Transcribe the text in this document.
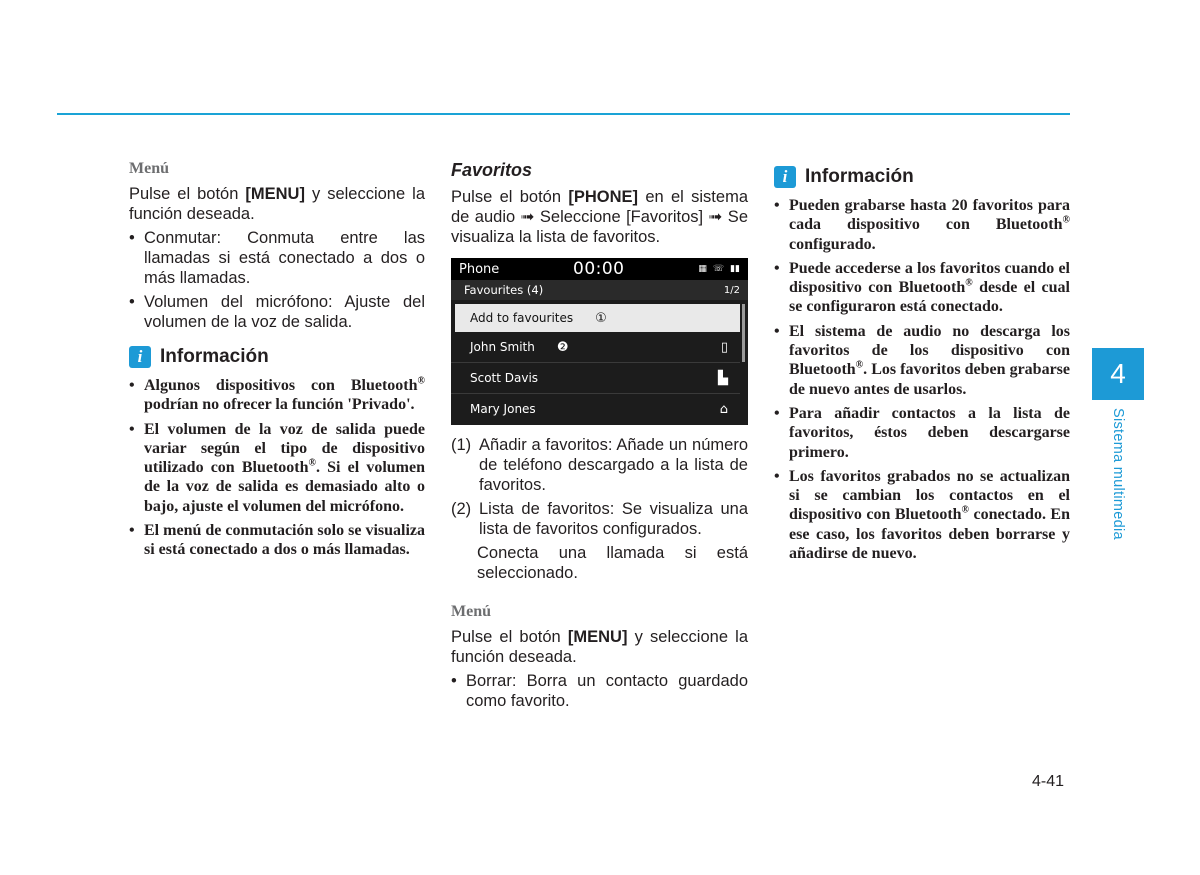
Menú

Pulse el botón [MENU] y seleccione la función deseada.

• Conmutar: Conmuta entre las llamadas si está conectado a dos o más llamadas.
• Volumen del micrófono: Ajuste del volumen de la voz de salida.
i Información
• Algunos dispositivos con Bluetooth® podrían no ofrecer la función 'Privado'.
• El volumen de la voz de salida puede variar según el tipo de dispositivo utilizado con Bluetooth®. Si el volumen de la voz de salida es demasiado alto o bajo, ajuste el volumen del micrófono.
• El menú de conmutación solo se visualiza si está conectado a dos o más llamadas.

Favoritos

Pulse el botón [PHONE] en el sistema de audio ➟ Seleccione [Favoritos] ➟ Se visualiza la lista de favoritos.

Phone	00:00	▦ ☏ ▮▮
Favourites (4)	1/2
Add to favourites ①
John Smith ❷	▯
Scott Davis	▙
Mary Jones	⌂
(1) Añadir a favoritos: Añade un número de teléfono descargado a la lista de favoritos.
(2) Lista de favoritos: Se visualiza una lista de favoritos configurados.

Conecta una llamada si está seleccionado.

Menú

Pulse el botón [MENU] y seleccione la función deseada.

• Borrar: Borra un contacto guardado como favorito.
i Información
• Pueden grabarse hasta 20 favoritos para cada dispositivo con Bluetooth® configurado.
• Puede accederse a los favoritos cuando el dispositivo con Bluetooth® desde el cual se configuraron está conectado.
• El sistema de audio no descarga los favoritos de los dispositivo con Bluetooth®. Los favoritos deben grabarse de nuevo antes de usarlos.
• Para añadir contactos a la lista de favoritos, éstos deben descargarse primero.
• Los favoritos grabados no se actualizan si se cambian los contactos en el dispositivo con Bluetooth® conectado. En ese caso, los favoritos deben borrarse y añadirse de nuevo.
4
Sistema multimedia
4-41
